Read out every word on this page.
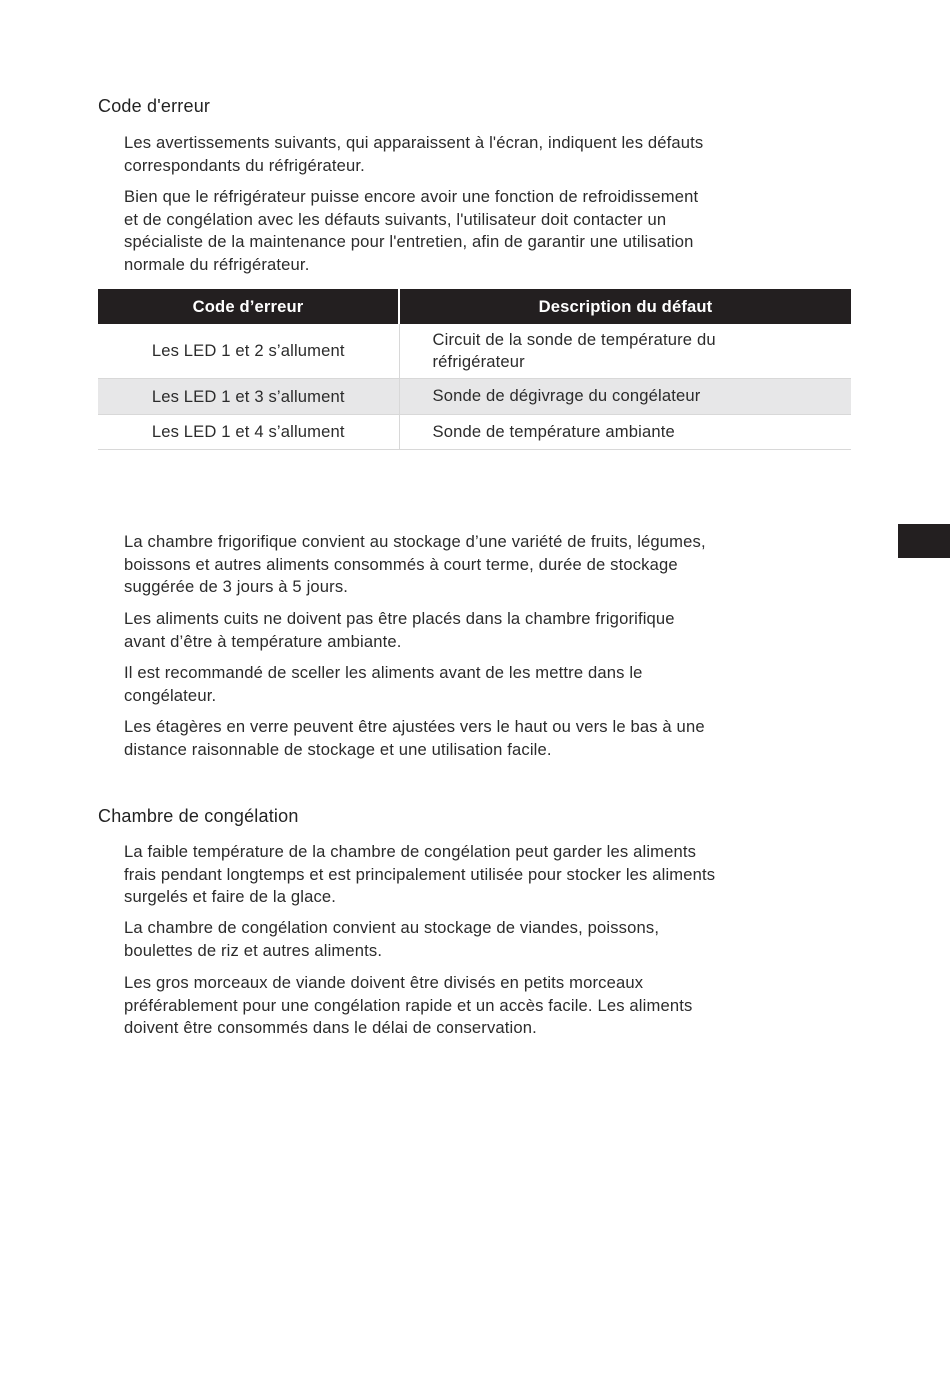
Code d'erreur
Les avertissements suivants, qui apparaissent à l'écran, indiquent les défauts
correspondants du réfrigérateur.
Bien que le réfrigérateur puisse encore avoir une fonction de refroidissement
et de congélation avec les défauts suivants, l'utilisateur doit contacter un
spécialiste de la maintenance pour l'entretien, afin de garantir une utilisation
normale du réfrigérateur.
Code d’erreur	Description du défaut
Les LED 1 et 2 s’allument	Circuit de la sonde de température du
réfrigérateur

Les LED 1 et 3 s’allument	Sonde de dégivrage du congélateur
Les LED 1 et 4 s’allument	Sonde de température ambiante
La chambre frigorifique convient au stockage d’une variété de fruits, légumes,
boissons et autres aliments consommés à court terme, durée de stockage
suggérée de 3 jours à 5 jours.
Les aliments cuits ne doivent pas être placés dans la chambre frigorifique
avant d’être à température ambiante.
Il est recommandé de sceller les aliments avant de les mettre dans le
congélateur.
Les étagères en verre peuvent être ajustées vers le haut ou vers le bas à une
distance raisonnable de stockage et une utilisation facile.
Chambre de congélation
La faible température de la chambre de congélation peut garder les aliments
frais pendant longtemps et est principalement utilisée pour stocker les aliments
surgelés et faire de la glace.
La chambre de congélation convient au stockage de viandes, poissons,
boulettes de riz et autres aliments.
Les gros morceaux de viande doivent être divisés en petits morceaux
préférablement pour une congélation rapide et un accès facile. Les aliments
doivent être consommés dans le délai de conservation.
